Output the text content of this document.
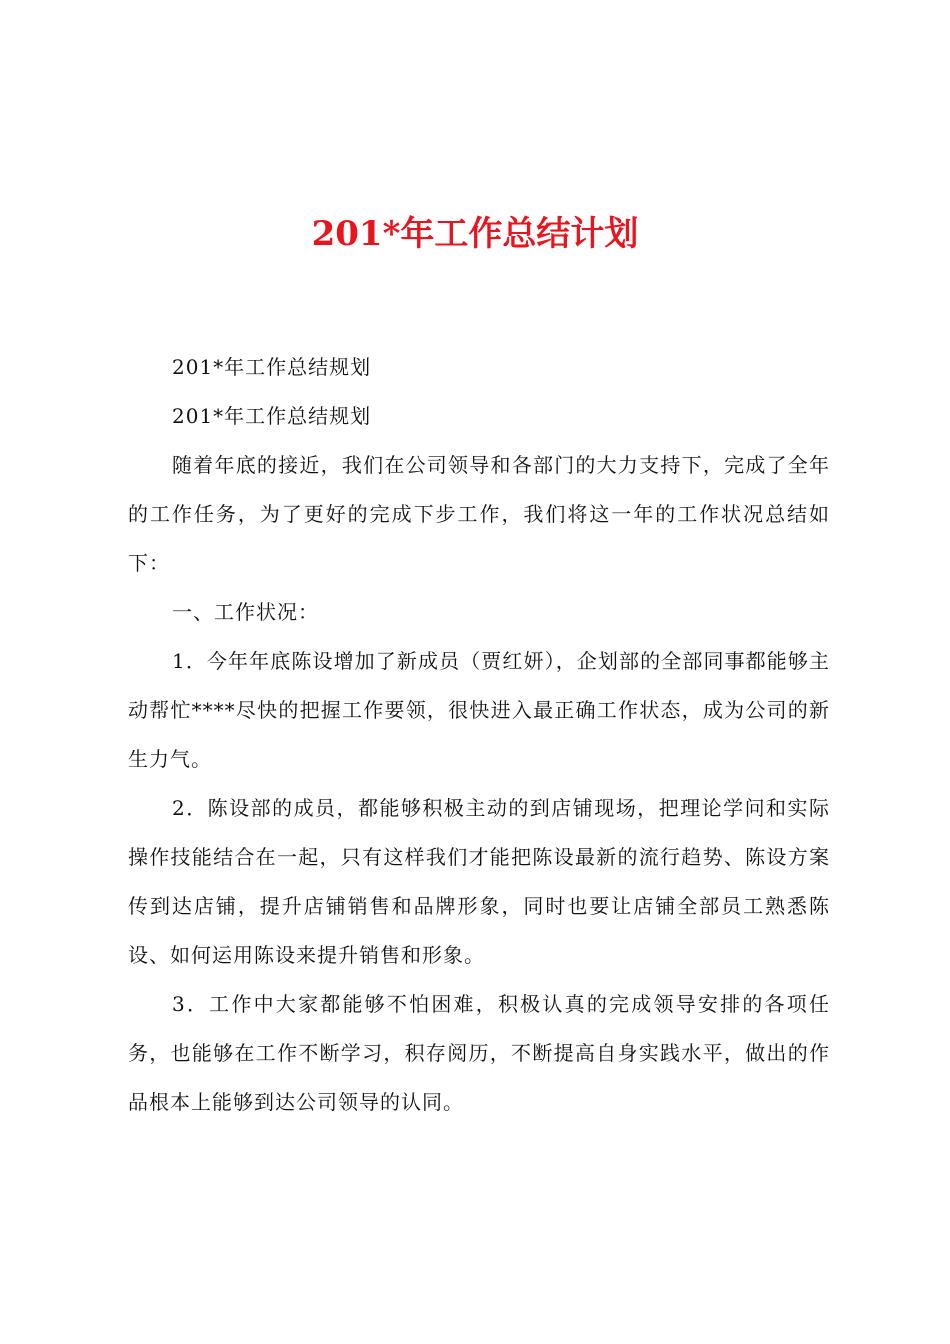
201*年工作总结计划

201*年工作总结规划

201*年工作总结规划

随着年底的接近，我们在公司领导和各部门的大力支持下，完成了全年的工作任务，为了更好的完成下步工作，我们将这一年的工作状况总结如下：

一、工作状况：

1．今年年底陈设增加了新成员（贾红妍），企划部的全部同事都能够主动帮忙****尽快的把握工作要领，很快进入最正确工作状态，成为公司的新生力气。

2．陈设部的成员，都能够积极主动的到店铺现场，把理论学问和实际操作技能结合在一起，只有这样我们才能把陈设最新的流行趋势、陈设方案传到达店铺，提升店铺销售和品牌形象，同时也要让店铺全部员工熟悉陈设、如何运用陈设来提升销售和形象。

3．工作中大家都能够不怕困难，积极认真的完成领导安排的各项任务，也能够在工作不断学习，积存阅历，不断提高自身实践水平，做出的作品根本上能够到达公司领导的认同。
